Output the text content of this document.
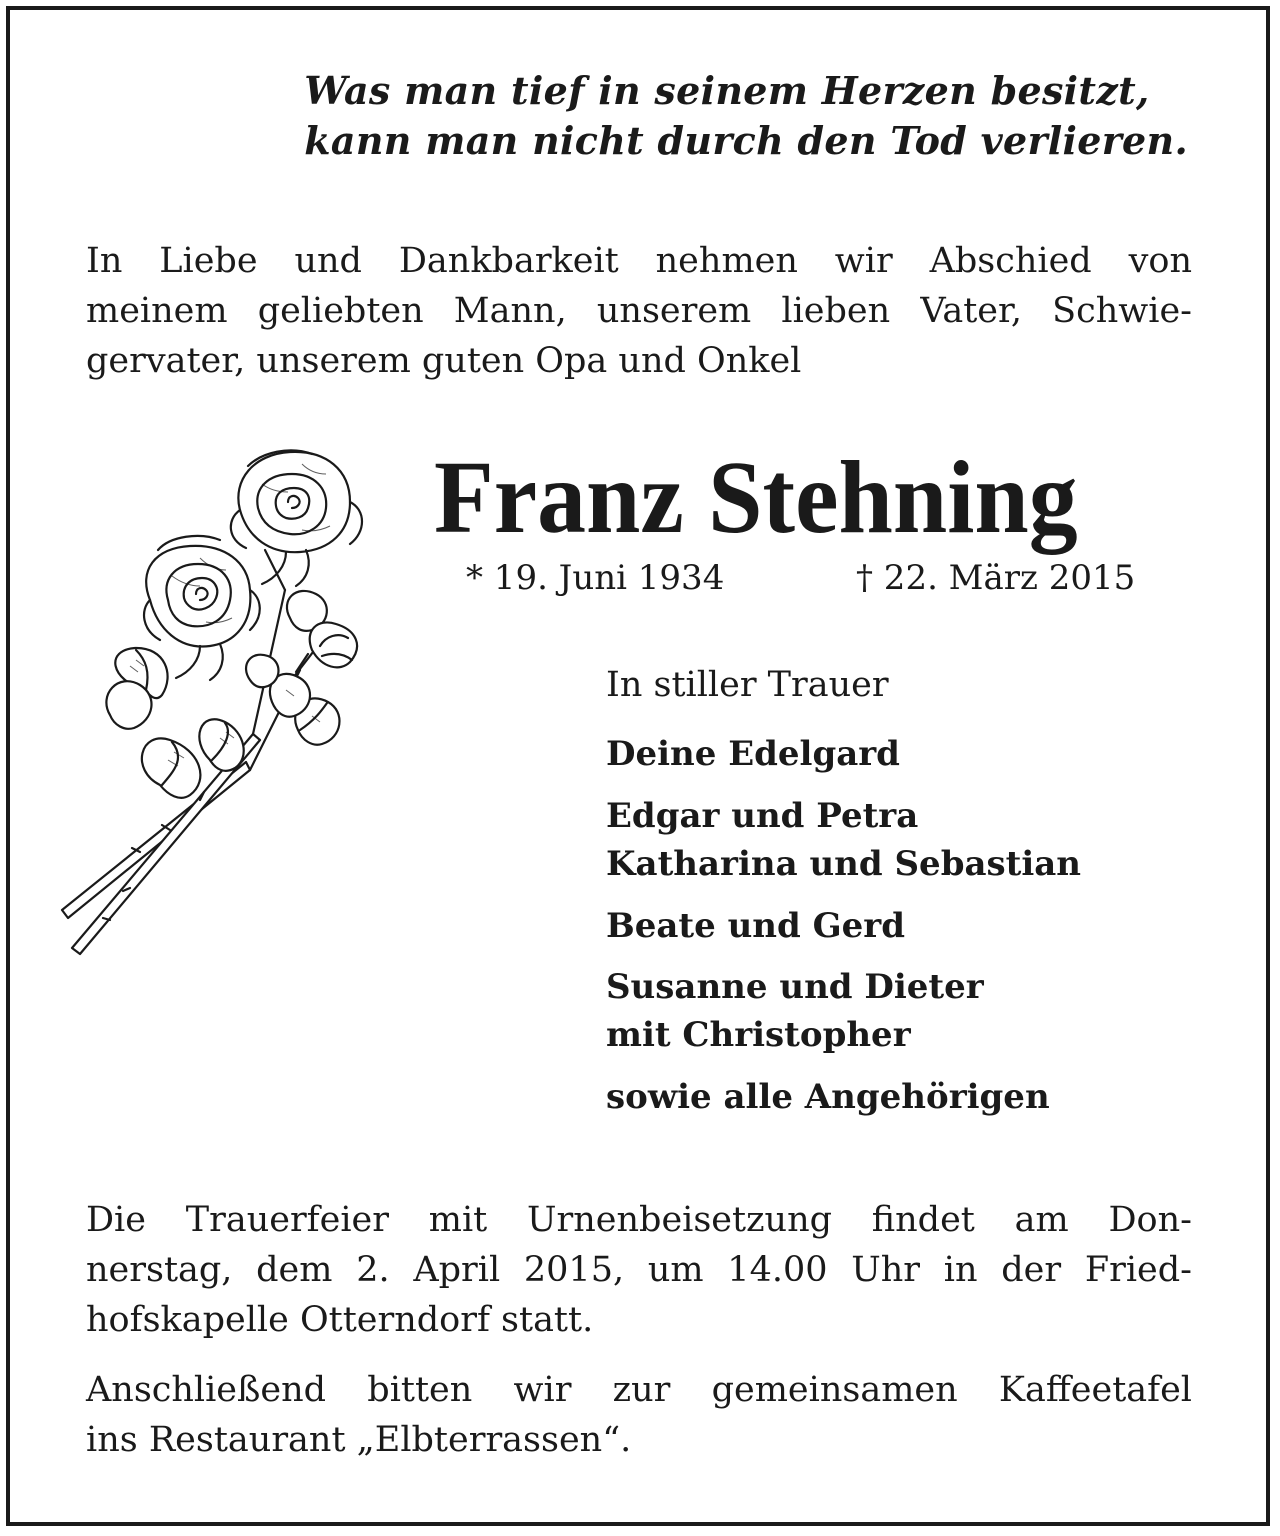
Was man tief in seinem Herzen besitzt,
kann man nicht durch den Tod verlieren.
In Liebe und Dankbarkeit nehmen wir Abschied von
meinem geliebten Mann, unserem lieben Vater, Schwie-
gervater, unserem guten Opa und Onkel
Franz Stehning
* 19. Juni 1934	† 22. März 2015
In stiller Trauer
Deine Edelgard
Edgar und Petra
Katharina und Sebastian
Beate und Gerd
Susanne und Dieter
mit Christopher
sowie alle Angehörigen
Die Trauerfeier mit Urnenbeisetzung findet am Don-
nerstag, dem 2. April 2015, um 14.00 Uhr in der Fried-
hofskapelle Otterndorf statt.
Anschließend bitten wir zur gemeinsamen Kaffeetafel
ins Restaurant „Elbterrassen“.
